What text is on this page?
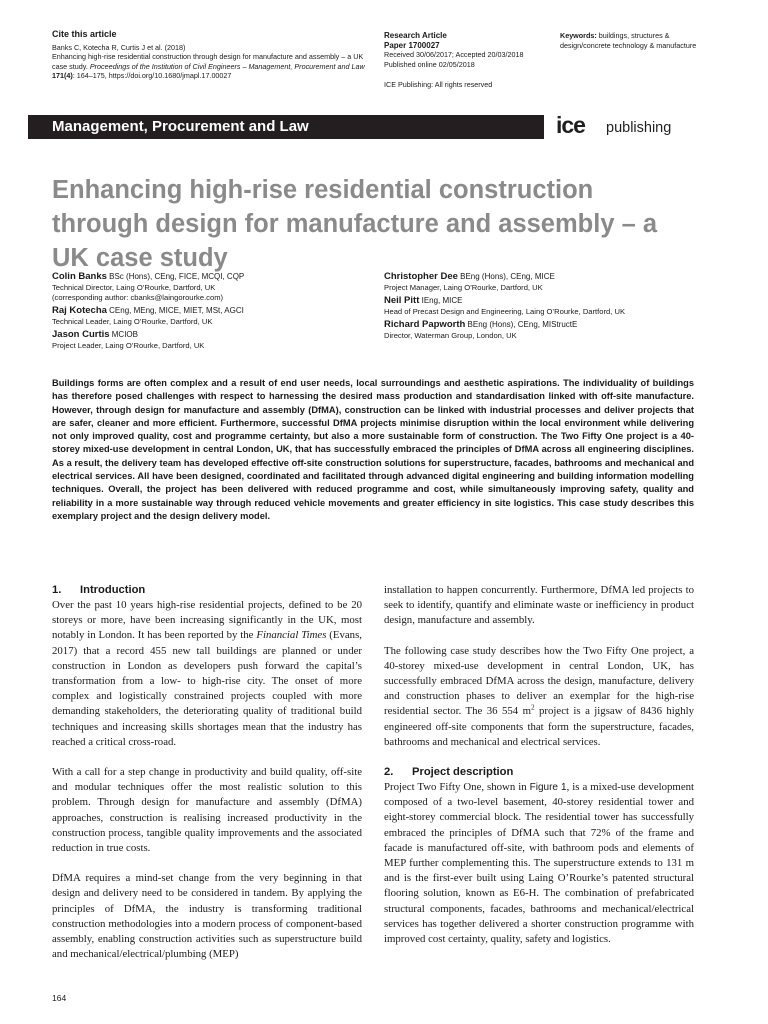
Cite this article
Banks C, Kotecha R, Curtis J et al. (2018)
Enhancing high-rise residential construction through design for manufacture and assembly – a UK case study. Proceedings of the Institution of Civil Engineers – Management, Procurement and Law 171(4): 164–175, https://doi.org/10.1680/jmapl.17.00027
Research Article
Paper 1700027
Received 30/06/2017; Accepted 20/03/2018
Published online 02/05/2018
ICE Publishing: All rights reserved
Keywords: buildings, structures & design/concrete technology & manufacture
Management, Procurement and Law	ice publishing
Enhancing high-rise residential construction through design for manufacture and assembly – a UK case study
Colin Banks BSc (Hons), CEng, FICE, MCQI, CQP
Technical Director, Laing O’Rourke, Dartford, UK
(corresponding author: cbanks@laingorourke.com)
Raj Kotecha CEng, MEng, MICE, MIET, MSt, AGCI
Technical Leader, Laing O’Rourke, Dartford, UK
Jason Curtis MCIOB
Project Leader, Laing O’Rourke, Dartford, UK
Christopher Dee BEng (Hons), CEng, MICE
Project Manager, Laing O’Rourke, Dartford, UK
Neil Pitt IEng, MICE
Head of Precast Design and Engineering, Laing O’Rourke, Dartford, UK
Richard Papworth BEng (Hons), CEng, MIStructE
Director, Waterman Group, London, UK
Buildings forms are often complex and a result of end user needs, local surroundings and aesthetic aspirations. The individuality of buildings has therefore posed challenges with respect to harnessing the desired mass production and standardisation linked with off-site manufacture. However, through design for manufacture and assembly (DfMA), construction can be linked with industrial processes and deliver projects that are safer, cleaner and more efficient. Furthermore, successful DfMA projects minimise disruption within the local environment while delivering not only improved quality, cost and programme certainty, but also a more sustainable form of construction. The Two Fifty One project is a 40-storey mixed-use development in central London, UK, that has successfully embraced the principles of DfMA across all engineering disciplines. As a result, the delivery team has developed effective off-site construction solutions for superstructure, facades, bathrooms and mechanical and electrical services. All have been designed, coordinated and facilitated through advanced digital engineering and building information modelling techniques. Overall, the project has been delivered with reduced programme and cost, while simultaneously improving safety, quality and reliability in a more sustainable way through reduced vehicle movements and greater efficiency in site logistics. This case study describes this exemplary project and the design delivery model.
1. Introduction

Over the past 10 years high-rise residential projects, defined to be 20 storeys or more, have been increasing significantly in the UK, most notably in London. It has been reported by the Financial Times (Evans, 2017) that a record 455 new tall buildings are planned or under construction in London as developers push forward the capital’s transformation from a low- to high-rise city. The onset of more complex and logistically constrained projects coupled with more demanding stakeholders, the deteriorating quality of traditional build techniques and increasing skills shortages mean that the industry has reached a critical cross-road.

With a call for a step change in productivity and build quality, off-site and modular techniques offer the most realistic solution to this problem. Through design for manufacture and assembly (DfMA) approaches, construction is realising increased productivity in the construction process, tangible quality improvements and the associated reduction in true costs.

DfMA requires a mind-set change from the very beginning in that design and delivery need to be considered in tandem. By applying the principles of DfMA, the industry is transforming traditional construction methodologies into a modern process of component-based assembly, enabling construction activities such as superstructure build and mechanical/electrical/plumbing (MEP)

installation to happen concurrently. Furthermore, DfMA led projects to seek to identify, quantify and eliminate waste or inefficiency in product design, manufacture and assembly.

The following case study describes how the Two Fifty One project, a 40-storey mixed-use development in central London, UK, has successfully embraced DfMA across the design, manufacture, delivery and construction phases to deliver an exemplar for the high-rise residential sector. The 36 554 $m^2$ project is a jigsaw of 8436 highly engineered off-site components that form the superstructure, facades, bathrooms and mechanical and electrical services.

2. Project description

Project Two Fifty One, shown in Figure 1, is a mixed-use development composed of a two-level basement, 40-storey residential tower and eight-storey commercial block. The residential tower has successfully embraced the principles of DfMA such that 72% of the frame and facade is manufactured off-site, with bathroom pods and elements of MEP further complementing this. The superstructure extends to 131 m and is the first-ever built using Laing O’Rourke’s patented structural flooring solution, known as E6-H. The combination of prefabricated structural components, facades, bathrooms and mechanical/electrical services has together delivered a shorter construction programme with improved cost certainty, quality, safety and logistics.

164
